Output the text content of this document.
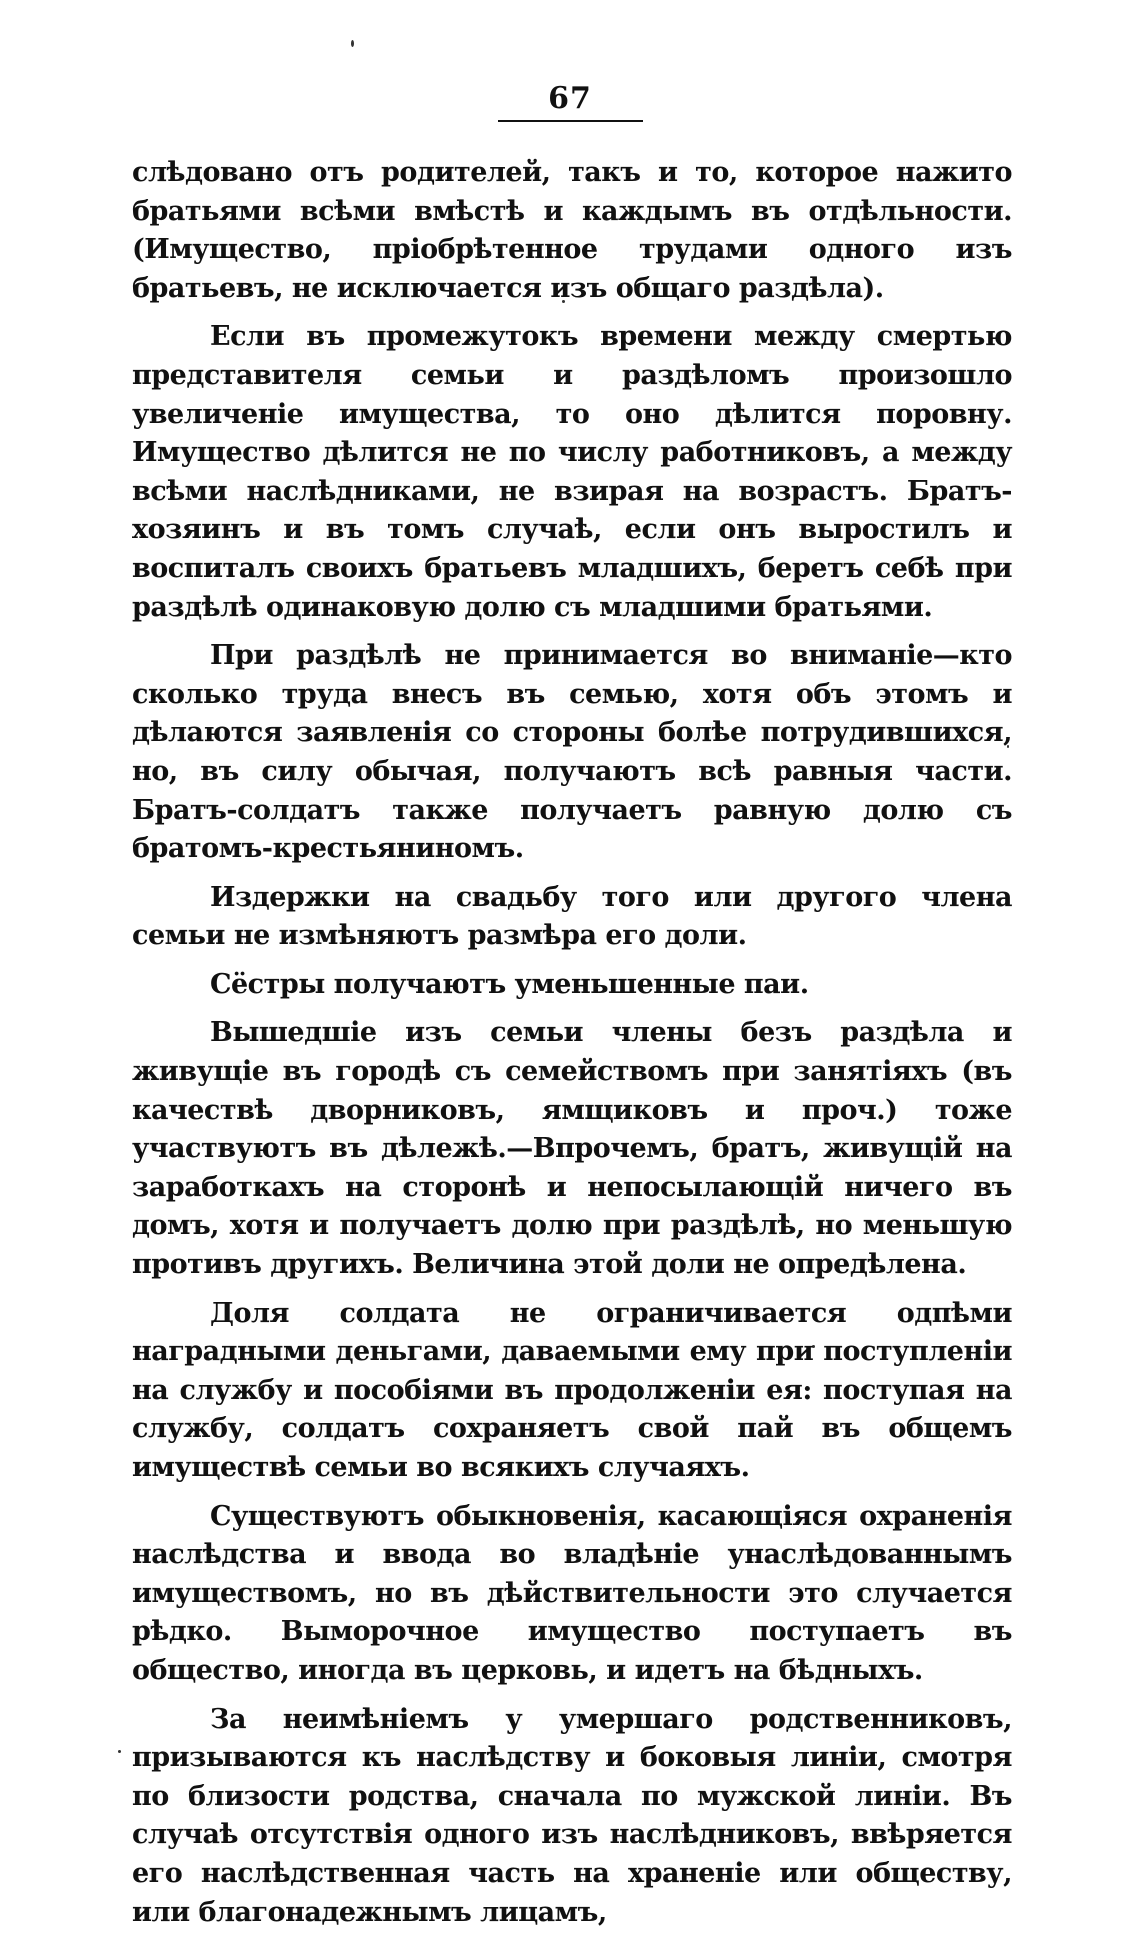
67

слѣдовано отъ родителей, такъ и то, которое нажито братьями всѣми вмѣстѣ и каждымъ въ отдѣльности. (Имущество, пріобрѣтенное трудами одного изъ братьевъ, не исключается изъ общаго раздѣла).

Если въ промежутокъ времени между смертью представителя семьи и раздѣломъ произошло увеличеніе имущества, то оно дѣлится поровну. Имущество дѣлится не по числу работниковъ, а между всѣми наслѣдниками, не взирая на возрастъ. Братъ-хозяинъ и въ томъ случаѣ, если онъ выростилъ и воспиталъ своихъ братьевъ младшихъ, беретъ себѣ при раздѣлѣ одинаковую долю съ младшими братьями.

При раздѣлѣ не принимается во вниманіе—кто сколько труда внесъ въ семью, хотя объ этомъ и дѣлаются заявленія со стороны болѣе потрудившихся, но, въ силу обычая, получаютъ всѣ равныя части. Братъ-солдатъ также получаетъ равную долю съ братомъ-крестьяниномъ.

Издержки на свадьбу того или другого члена семьи не измѣняютъ размѣра его доли.

Сёстры получаютъ уменьшенные паи.

Вышедшіе изъ семьи члены безъ раздѣла и живущіе въ городѣ съ семействомъ при занятіяхъ (въ качествѣ дворниковъ, ямщиковъ и проч.) тоже участвуютъ въ дѣлежѣ.—Впрочемъ, братъ, живущій на заработкахъ на сторонѣ и непосылающій ничего въ домъ, хотя и получаетъ долю при раздѣлѣ, но меньшую противъ другихъ. Величина этой доли не опредѣлена.

Доля солдата не ограничивается одпѣми наградными деньгами, даваемыми ему при поступленіи на службу и пособіями въ продолженіи ея: поступая на службу, солдатъ сохраняетъ свой пай въ общемъ имуществѣ семьи во всякихъ случаяхъ.

Существуютъ обыкновенія, касающіяся охраненія наслѣдства и ввода во владѣніе унаслѣдованнымъ имуществомъ, но въ дѣйствительности это случается рѣдко. Выморочное имущество поступаетъ въ общество, иногда въ церковь, и идетъ на бѣдныхъ.

За неимѣніемъ у умершаго родственниковъ, призываются къ наслѣдству и боковыя линіи, смотря по близости родства, сначала по мужской линіи. Въ случаѣ отсутствія одного изъ наслѣдниковъ, ввѣряется его наслѣдственная часть на храненіе или обществу, или благонадежнымъ лицамъ,
